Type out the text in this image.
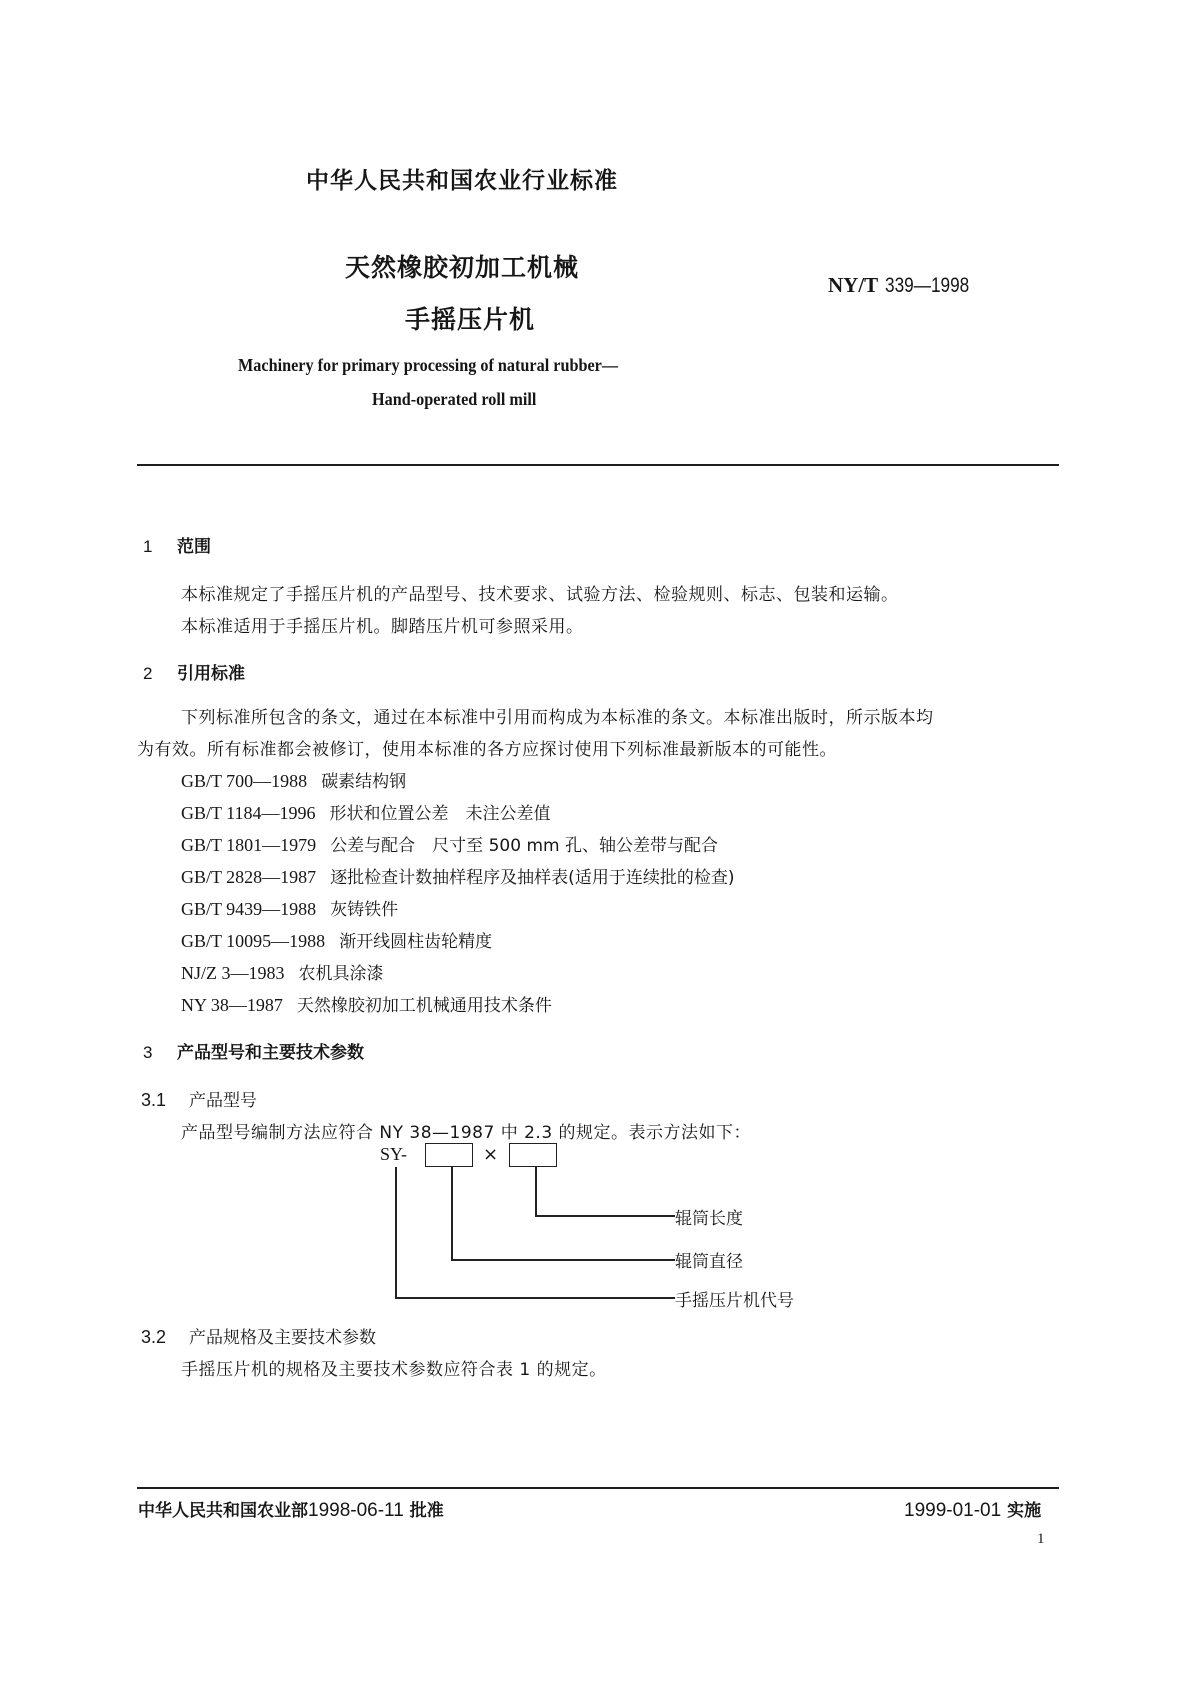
中华人民共和国农业行业标准
天然橡胶初加工机械
手摇压片机
NY/T 339—1998
Machinery for primary processing of natural rubber—
Hand-operated roll mill
1 范围
本标准规定了手摇压片机的产品型号、技术要求、试验方法、检验规则、标志、包装和运输。
本标准适用于手摇压片机。脚踏压片机可参照采用。
2 引用标准
下列标准所包含的条文，通过在本标准中引用而构成为本标准的条文。本标准出版时，所示版本均
为有效。所有标准都会被修订，使用本标准的各方应探讨使用下列标准最新版本的可能性。
GB/T 700—1988 碳素结构钢
GB/T 1184—1996 形状和位置公差　未注公差值
GB/T 1801—1979 公差与配合　尺寸至 500 mm 孔、轴公差带与配合
GB/T 2828—1987 逐批检查计数抽样程序及抽样表(适用于连续批的检查)
GB/T 9439—1988 灰铸铁件
GB/T 10095—1988 渐开线圆柱齿轮精度
NJ/Z 3—1983 农机具涂漆
NY 38—1987 天然橡胶初加工机械通用技术条件
3 产品型号和主要技术参数
3.1 产品型号
产品型号编制方法应符合 NY 38—1987 中 2.3 的规定。表示方法如下：
SY-	×
辊筒长度
辊筒直径
手摇压片机代号
3.2 产品规格及主要技术参数
手摇压片机的规格及主要技术参数应符合表 1 的规定。
中华人民共和国农业部1998-06-11 批准	1999-01-01 实施
1
